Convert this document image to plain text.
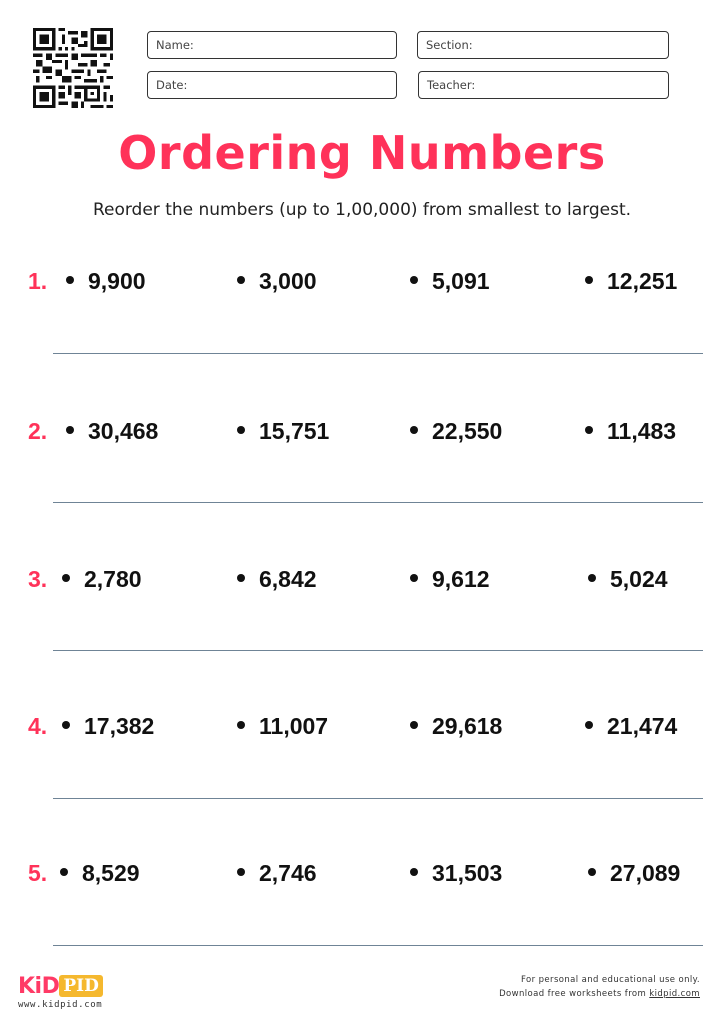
Name:	Section:
Date:	Teacher:
Ordering Numbers
Reorder the numbers (up to 1,00,000) from smallest to largest.
1.	9,900	3,000	5,091	12,251
2.	30,468	15,751	22,550	11,483
3.	2,780	6,842	9,612	5,024
4.	17,382	11,007	29,618	21,474
5.	8,529	2,746	31,503	27,089
KiD PID
www.kidpid.com
For personal and educational use only.
Download free worksheets from kidpid.com
